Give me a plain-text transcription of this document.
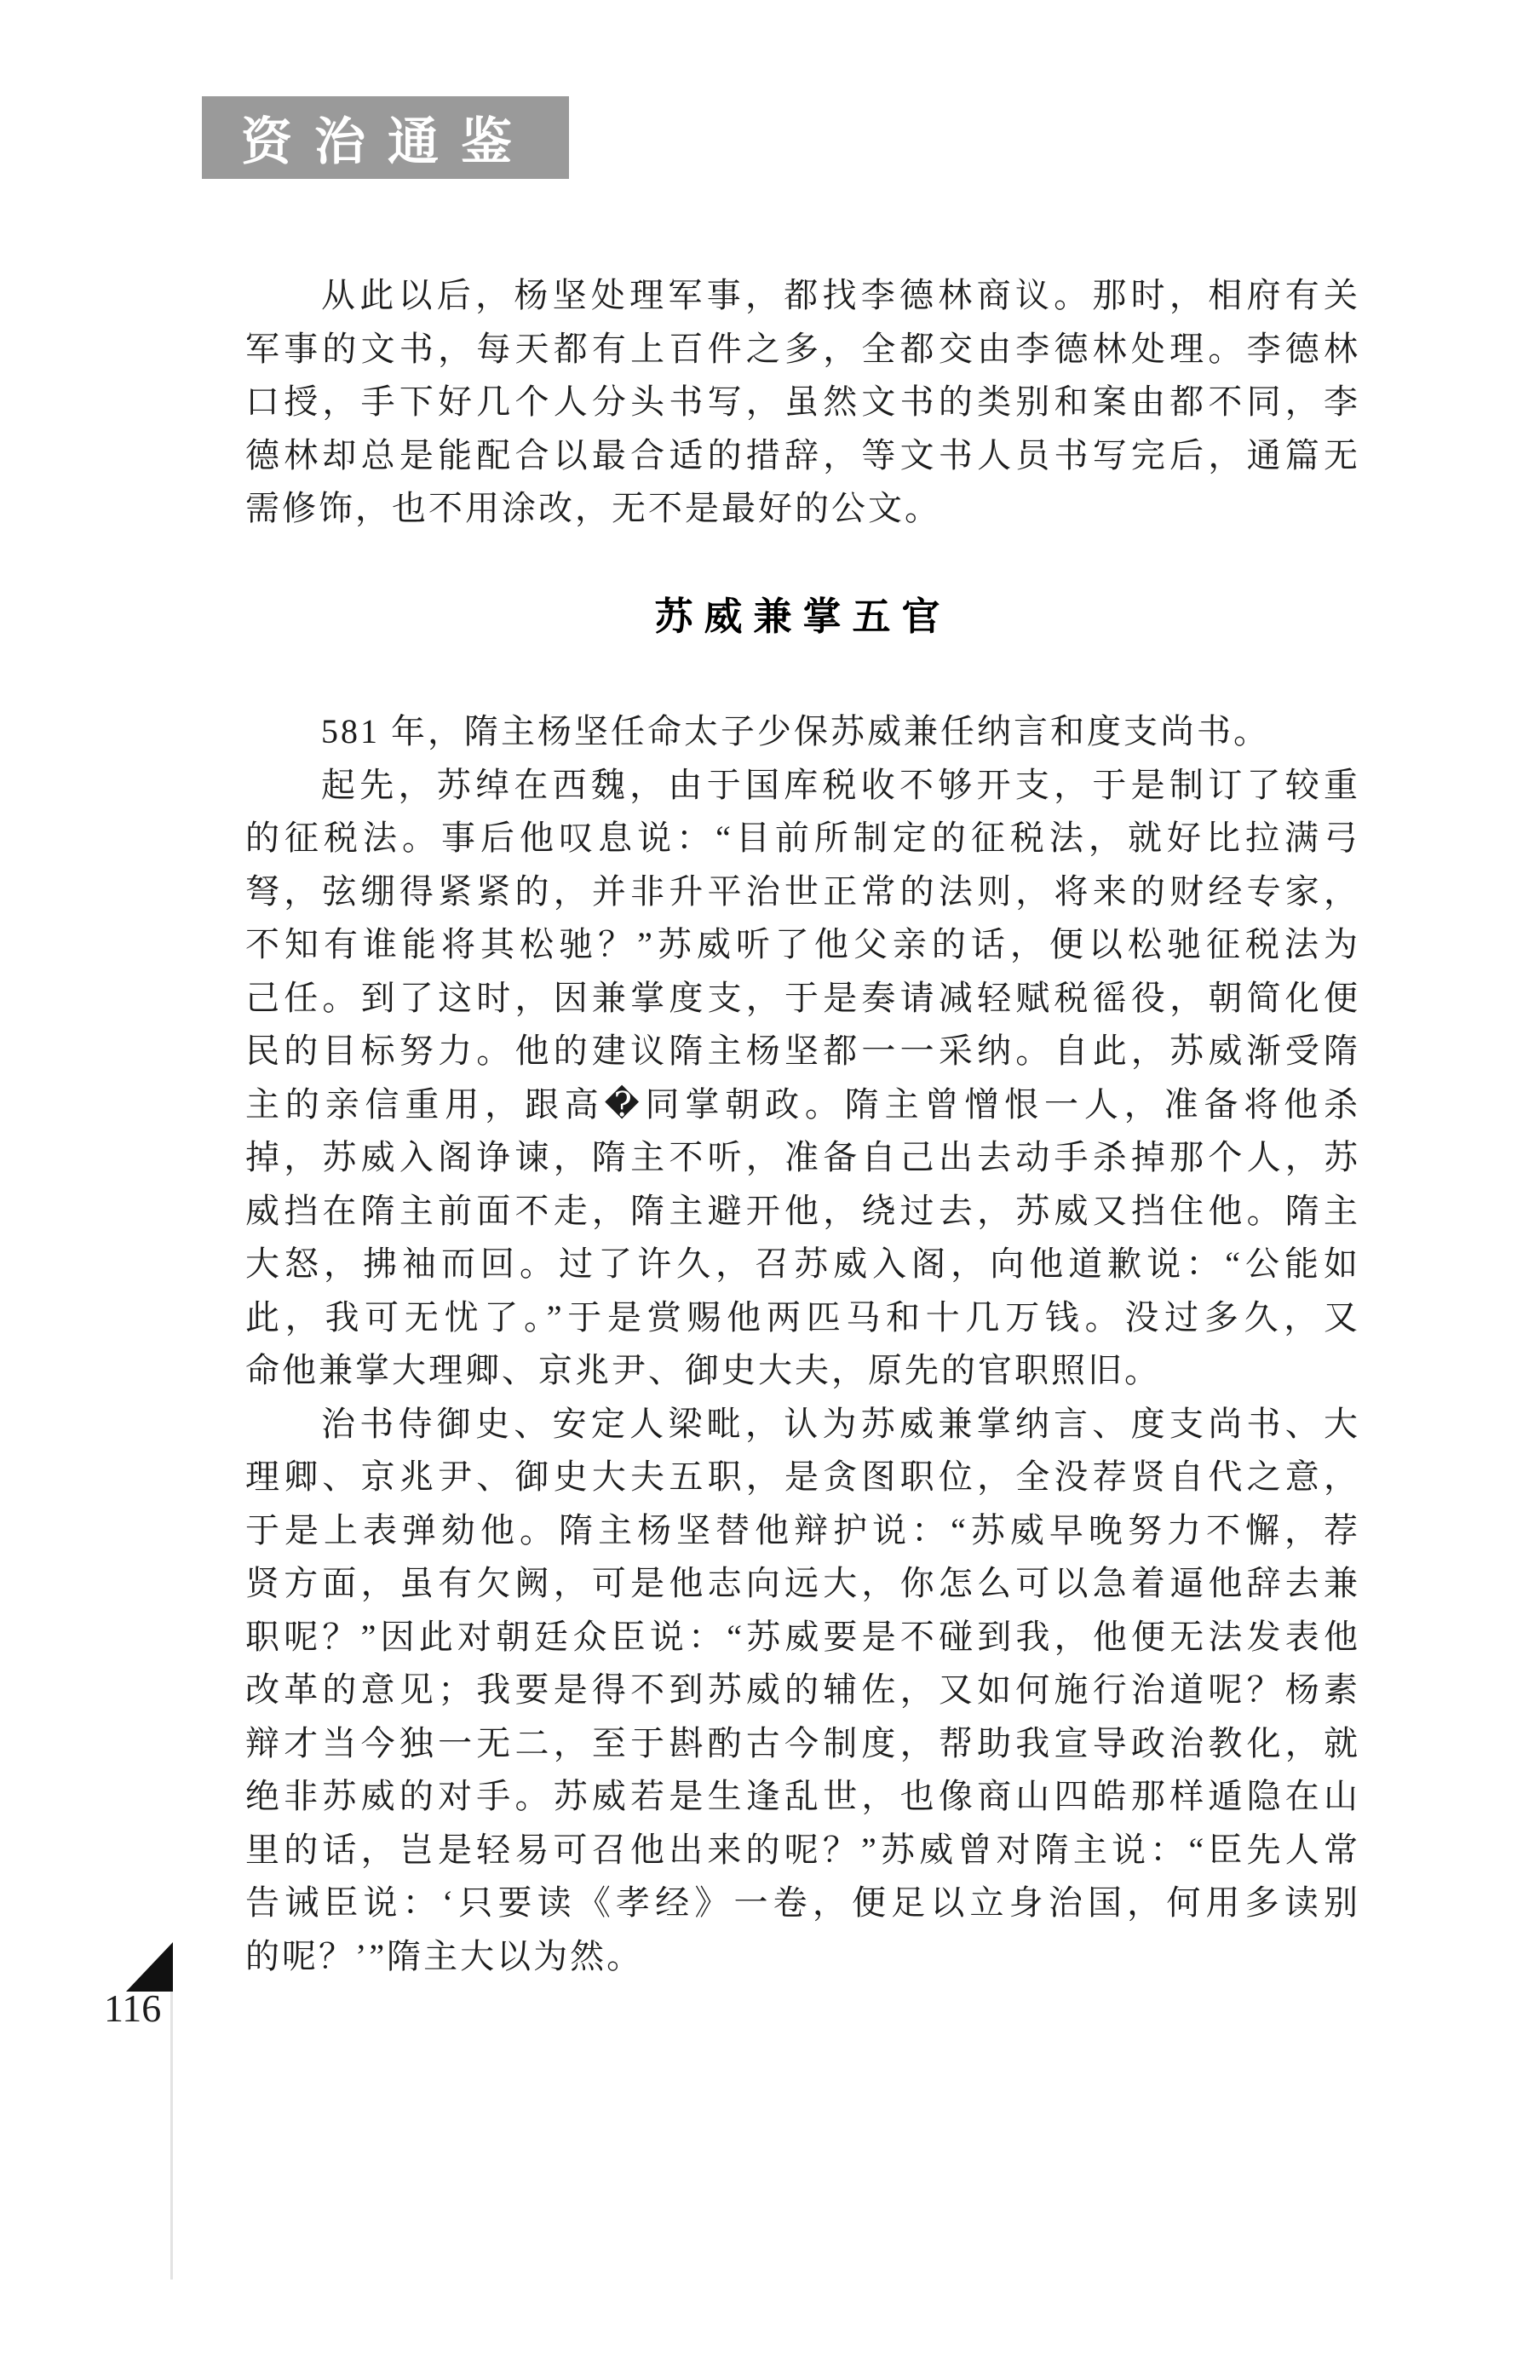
资治通鉴
从此以后，杨坚处理军事，都找李德林商议。那时，相府有关
军事的文书，每天都有上百件之多，全都交由李德林处理。李德林
口授，手下好几个人分头书写，虽然文书的类别和案由都不同，李
德林却总是能配合以最合适的措辞，等文书人员书写完后，通篇无
需修饰，也不用涂改，无不是最好的公文。
苏威兼掌五官
581 年，隋主杨坚任命太子少保苏威兼任纳言和度支尚书。
起先，苏绰在西魏，由于国库税收不够开支，于是制订了较重
的征税法。事后他叹息说：“目前所制定的征税法，就好比拉满弓
弩，弦绷得紧紧的，并非升平治世正常的法则，将来的财经专家，
不知有谁能将其松驰？”苏威听了他父亲的话，便以松驰征税法为
己任。到了这时，因兼掌度支，于是奏请减轻赋税徭役，朝简化便
民的目标努力。他的建议隋主杨坚都一一采纳。自此，苏威渐受隋
主的亲信重用，跟高�同掌朝政。隋主曾憎恨一人，准备将他杀
掉，苏威入阁诤谏，隋主不听，准备自己出去动手杀掉那个人，苏
威挡在隋主前面不走，隋主避开他，绕过去，苏威又挡住他。隋主
大怒，拂袖而回。过了许久，召苏威入阁，向他道歉说：“公能如
此，我可无忧了。”于是赏赐他两匹马和十几万钱。没过多久，又
命他兼掌大理卿、京兆尹、御史大夫，原先的官职照旧。
治书侍御史、安定人梁毗，认为苏威兼掌纳言、度支尚书、大
理卿、京兆尹、御史大夫五职，是贪图职位，全没荐贤自代之意，
于是上表弹劾他。隋主杨坚替他辩护说：“苏威早晚努力不懈，荐
贤方面，虽有欠阙，可是他志向远大，你怎么可以急着逼他辞去兼
职呢？”因此对朝廷众臣说：“苏威要是不碰到我，他便无法发表他
改革的意见；我要是得不到苏威的辅佐，又如何施行治道呢？杨素
辩才当今独一无二，至于斟酌古今制度，帮助我宣导政治教化，就
绝非苏威的对手。苏威若是生逢乱世，也像商山四皓那样遁隐在山
里的话，岂是轻易可召他出来的呢？”苏威曾对隋主说：“臣先人常
告诫臣说：‘只要读《孝经》一卷，便足以立身治国，何用多读别
的呢？’”隋主大以为然。
116
